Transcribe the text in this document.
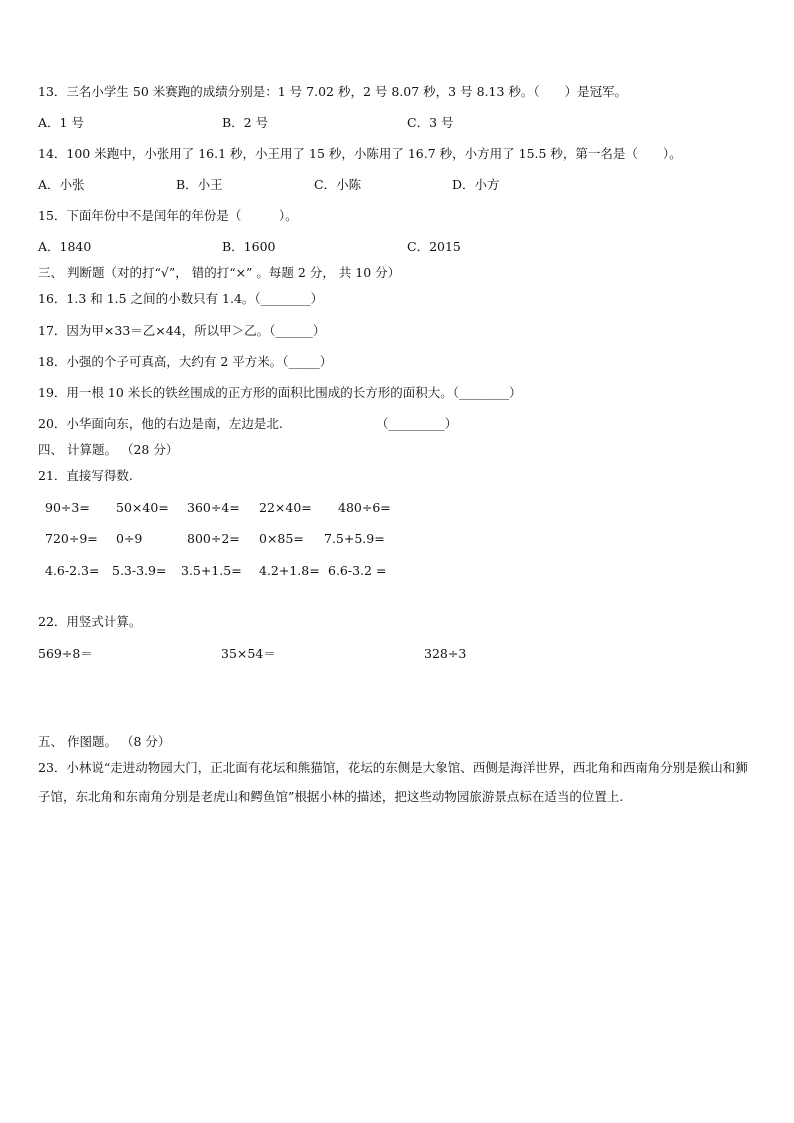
13．三名小学生 50 米赛跑的成绩分别是：1 号 7.02 秒，2 号 8.07 秒，3 号 8.13 秒。（　　）是冠军。
A．1 号	B．2 号	C．3 号
14．100 米跑中，小张用了 16.1 秒，小王用了 15 秒，小陈用了 16.7 秒，小方用了 15.5 秒，第一名是（　　）。
A．小张	B．小王	C．小陈	D．小方
15．下面年份中不是闰年的年份是（　　　）。
A．1840	B．1600	C．2015
三、 判断题（对的打“√”， 错的打“×” 。每题 2 分， 共 10 分）
16．1.3 和 1.5 之间的小数只有 1.4。（________）
17．因为甲×33＝乙×44，所以甲＞乙。（______）
18．小强的个子可真高，大约有 2 平方米。（_____）
19．用一根 10 米长的铁丝围成的正方形的面积比围成的长方形的面积大。（________）
20．小华面向东，他的右边是南，左边是北.	（_________）
四、 计算题。 （28 分）
21．直接写得数.
90÷3= 50×40= 360÷4= 22×40= 480÷6=
720÷9= 0÷9	800÷2= 0×85= 7.5+5.9=
4.6-2.3= 5.3-3.9= 3.5+1.5= 4.2+1.8= 6.6-3.2 =
22．用竖式计算。
569÷8＝	35×54＝	328÷3
五、 作图题。 （8 分）
23．小林说“走进动物园大门，正北面有花坛和熊猫馆，花坛的东侧是大象馆、西侧是海洋世界，西北角和西南角分别是猴山和狮子馆，东北角和东南角分别是老虎山和鳄鱼馆”根据小林的描述，把这些动物园旅游景点标在适当的位置上.
